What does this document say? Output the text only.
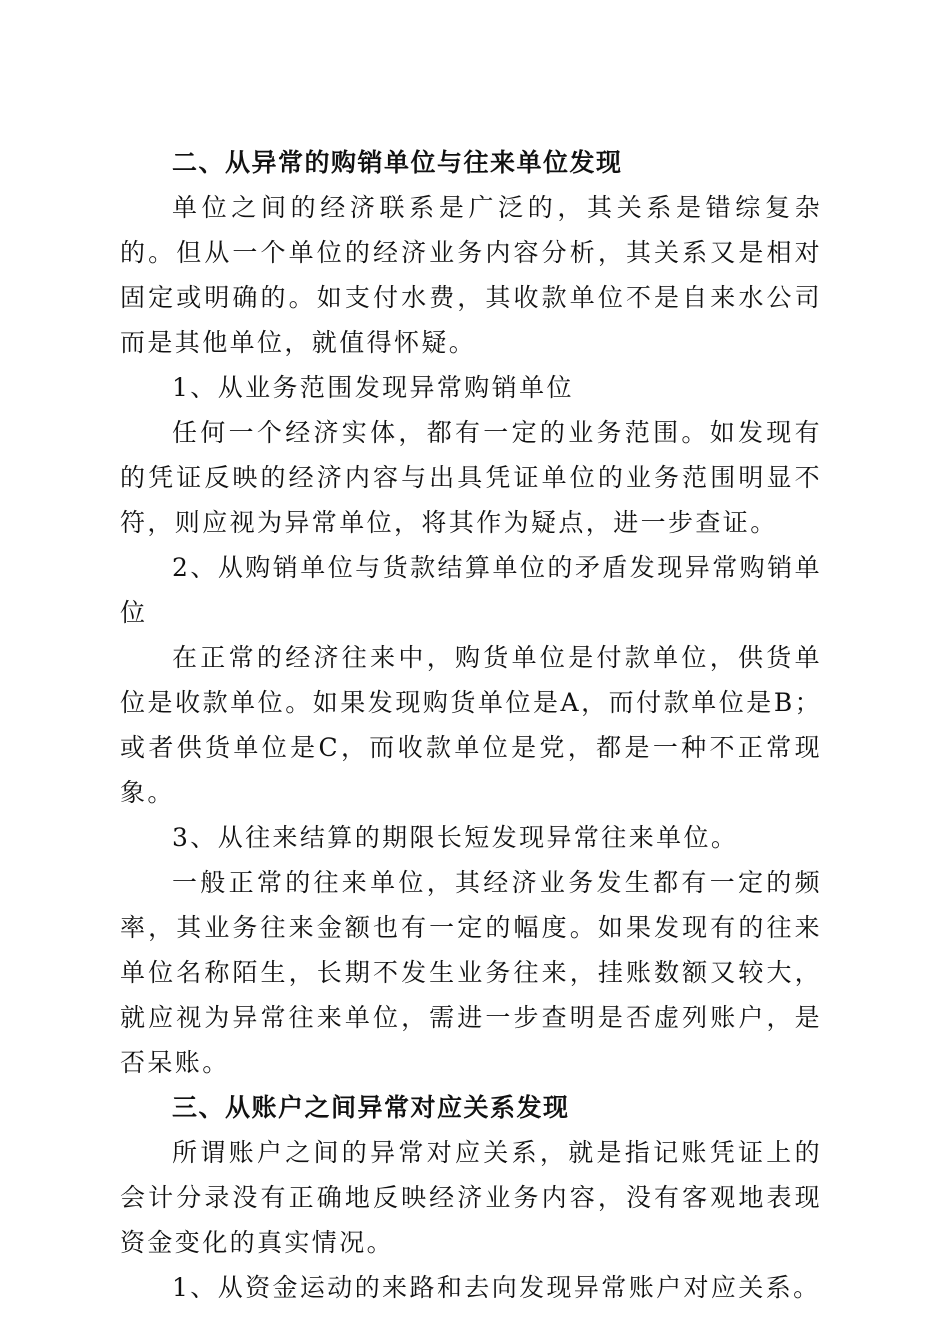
二、从异常的购销单位与往来单位发现

单位之间的经济联系是广泛的，其关系是错综复杂的。但从一个单位的经济业务内容分析，其关系又是相对固定或明确的。如支付水费，其收款单位不是自来水公司而是其他单位，就值得怀疑。

1、从业务范围发现异常购销单位

任何一个经济实体，都有一定的业务范围。如发现有的凭证反映的经济内容与出具凭证单位的业务范围明显不符，则应视为异常单位，将其作为疑点，进一步查证。

2、从购销单位与货款结算单位的矛盾发现异常购销单位

在正常的经济往来中，购货单位是付款单位，供货单位是收款单位。如果发现购货单位是A，而付款单位是B；或者供货单位是C，而收款单位是党，都是一种不正常现象。

3、从往来结算的期限长短发现异常往来单位。

一般正常的往来单位，其经济业务发生都有一定的频率，其业务往来金额也有一定的幅度。如果发现有的往来单位名称陌生，长期不发生业务往来，挂账数额又较大，就应视为异常往来单位，需进一步查明是否虚列账户，是否呆账。

三、从账户之间异常对应关系发现

所谓账户之间的异常对应关系，就是指记账凭证上的会计分录没有正确地反映经济业务内容，没有客观地表现资金变化的真实情况。

1、从资金运动的来路和去向发现异常账户对应关系。
